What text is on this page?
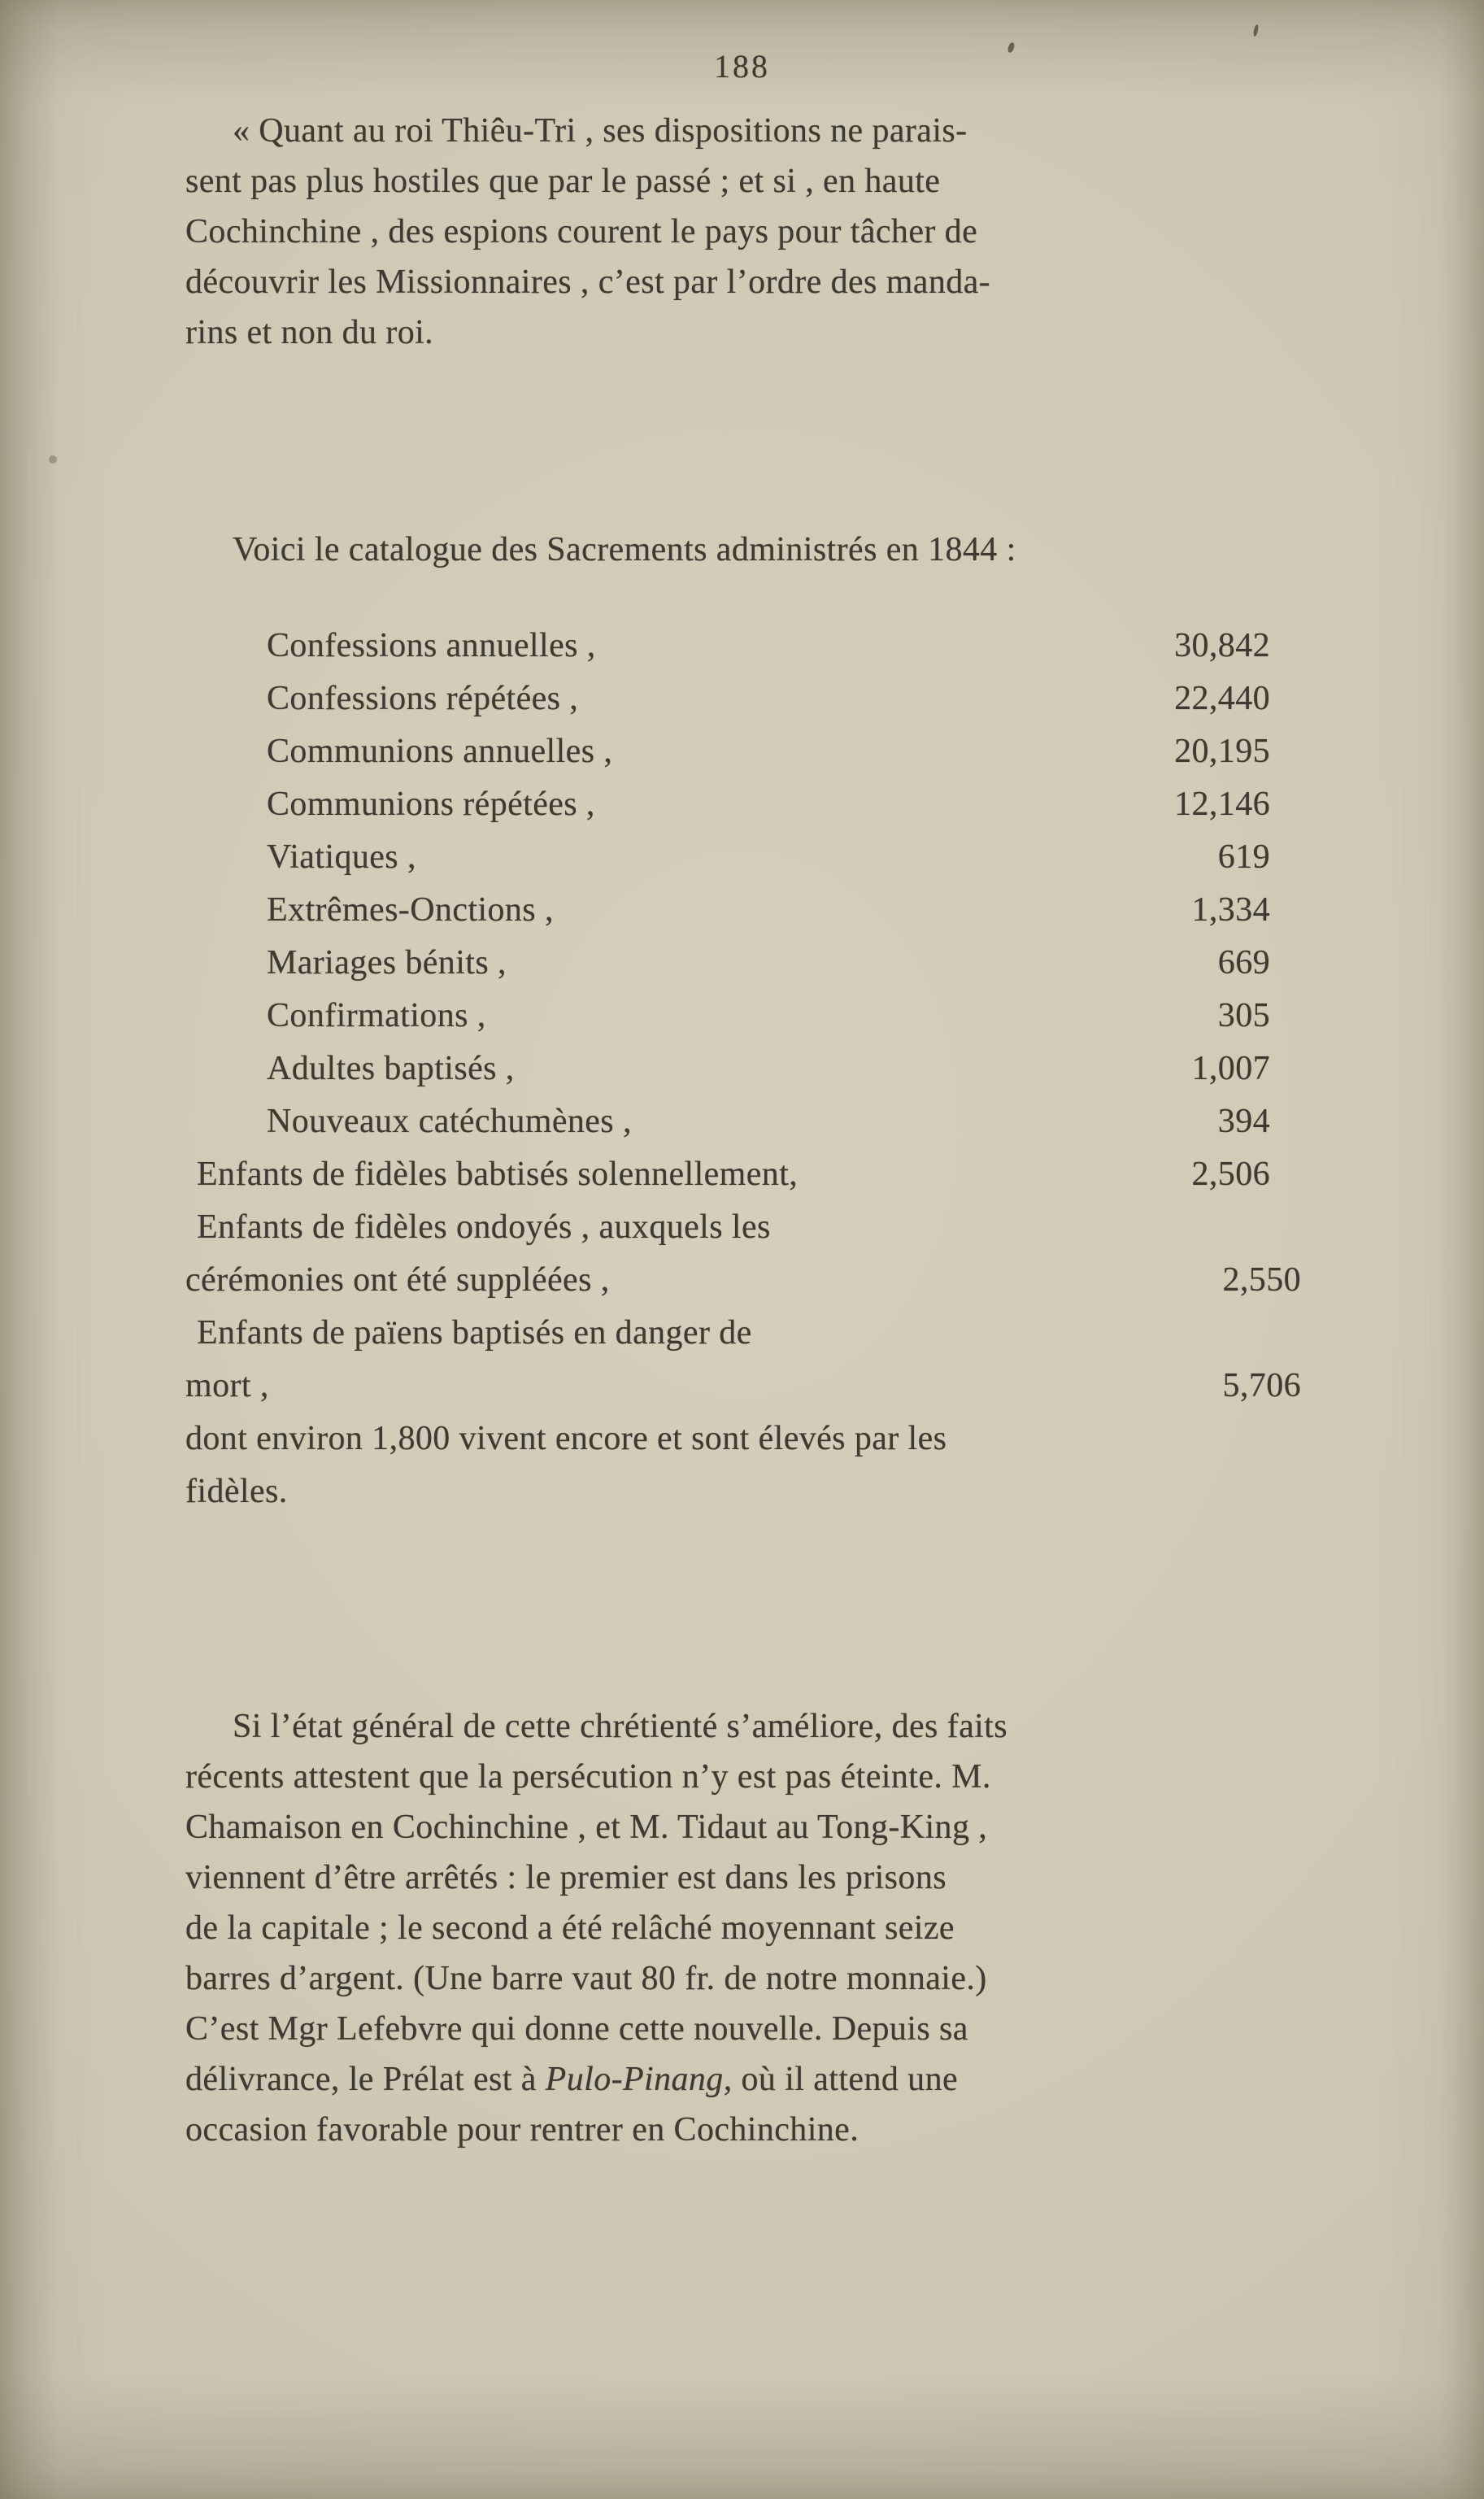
188
« Quant au roi Thiêu-Tri , ses dispositions ne parais-
sent pas plus hostiles que par le passé ; et si , en haute
Cochinchine , des espions courent le pays pour tâcher de
découvrir les Missionnaires , c’est par l’ordre des manda-
rins et non du roi.
Voici le catalogue des Sacrements administrés en 1844 :
Confessions annuelles ,	30,842
Confessions répétées ,	22,440
Communions annuelles ,	20,195
Communions répétées ,	12,146
Viatiques ,	619
Extrêmes-Onctions ,	1,334
Mariages bénits ,	669
Confirmations ,	305
Adultes baptisés ,	1,007
Nouveaux catéchumènes ,	394
Enfants de fidèles babtisés solennellement,	2,506
Enfants de fidèles ondoyés , auxquels les
cérémonies ont été suppléées ,	2,550
Enfants de païens baptisés en danger de
mort ,	5,706
dont environ 1,800 vivent encore et sont élevés par les
fidèles.
Si l’état général de cette chrétienté s’améliore, des faits
récents attestent que la persécution n’y est pas éteinte. M.
Chamaison en Cochinchine , et M. Tidaut au Tong-King ,
viennent d’être arrêtés : le premier est dans les prisons
de la capitale ; le second a été relâché moyennant seize
barres d’argent. (Une barre vaut 80 fr. de notre monnaie.)
C’est Mgr Lefebvre qui donne cette nouvelle. Depuis sa
délivrance, le Prélat est à Pulo-Pinang, où il attend une
occasion favorable pour rentrer en Cochinchine.
